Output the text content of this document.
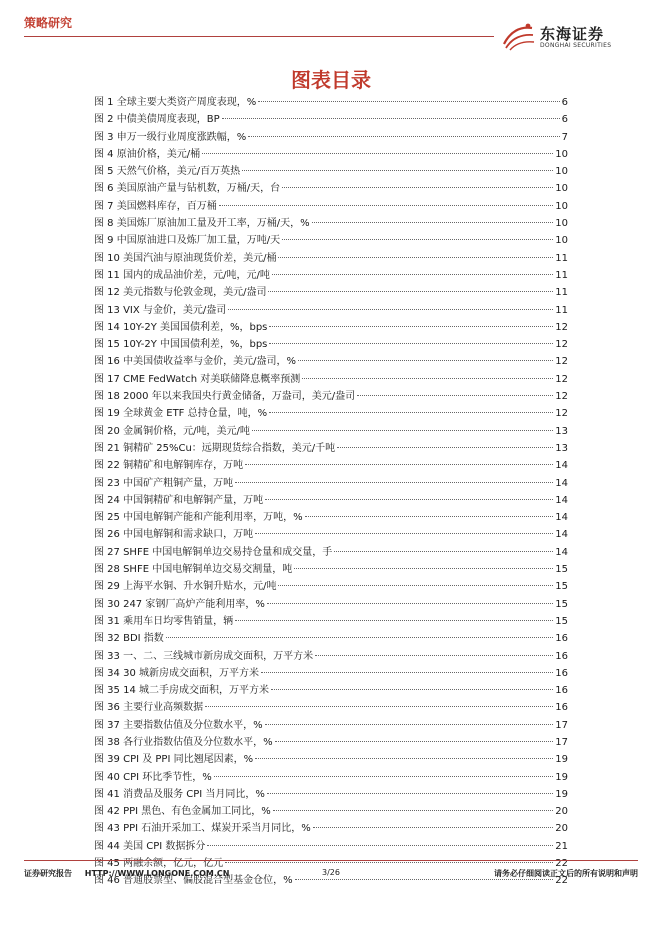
策略研究
东海证券
DONGHAI SECURITIES
图表目录
图 1 全球主要大类资产周度表现，%	6
图 2 中债美债周度表现，BP	6
图 3 申万一级行业周度涨跌幅，%	7
图 4 原油价格，美元/桶	10
图 5 天然气价格，美元/百万英热	10
图 6 美国原油产量与钻机数，万桶/天，台	10
图 7 美国燃料库存，百万桶	10
图 8 美国炼厂原油加工量及开工率，万桶/天，%	10
图 9 中国原油进口及炼厂加工量，万吨/天	10
图 10 美国汽油与原油现货价差，美元/桶	11
图 11 国内的成品油价差，元/吨，元/吨	11
图 12 美元指数与伦敦金现，美元/盎司	11
图 13 VIX 与金价，美元/盎司	11
图 14 10Y-2Y 美国国债利差，%，bps	12
图 15 10Y-2Y 中国国债利差，%，bps	12
图 16 中美国债收益率与金价，美元/盎司，%	12
图 17 CME FedWatch 对美联储降息概率预测	12
图 18 2000 年以来我国央行黄金储备，万盎司，美元/盎司	12
图 19 全球黄金 ETF 总持仓量，吨，%	12
图 20 金属铜价格，元/吨，美元/吨	13
图 21 铜精矿 25%Cu：远期现货综合指数，美元/千吨	13
图 22 铜精矿和电解铜库存，万吨	14
图 23 中国矿产粗铜产量，万吨	14
图 24 中国铜精矿和电解铜产量，万吨	14
图 25 中国电解铜产能和产能利用率，万吨，%	14
图 26 中国电解铜和需求缺口，万吨	14
图 27 SHFE 中国电解铜单边交易持仓量和成交量，手	14
图 28 SHFE 中国电解铜单边交易交割量，吨	15
图 29 上海平水铜、升水铜升贴水，元/吨	15
图 30 247 家钢厂高炉产能利用率，%	15
图 31 乘用车日均零售销量，辆	15
图 32 BDI 指数	16
图 33 一、二、三线城市新房成交面积，万平方米	16
图 34 30 城新房成交面积，万平方米	16
图 35 14 城二手房成交面积，万平方米	16
图 36 主要行业高频数据	16
图 37 主要指数估值及分位数水平，%	17
图 38 各行业指数估值及分位数水平，%	17
图 39 CPI 及 PPI 同比翘尾因素，%	19
图 40 CPI 环比季节性，%	19
图 41 消费品及服务 CPI 当月同比，%	19
图 42 PPI 黑色、有色金属加工同比，%	20
图 43 PPI 石油开采加工、煤炭开采当月同比，%	20
图 44 美国 CPI 数据拆分	21
图 45 两融余额，亿元，亿元	22
图 46 普通股票型、偏股混合型基金仓位，%	22
证券研究报告 HTTP://WWW.LONGONE.COM.CN	3/26	请务必仔细阅读正文后的所有说明和声明
